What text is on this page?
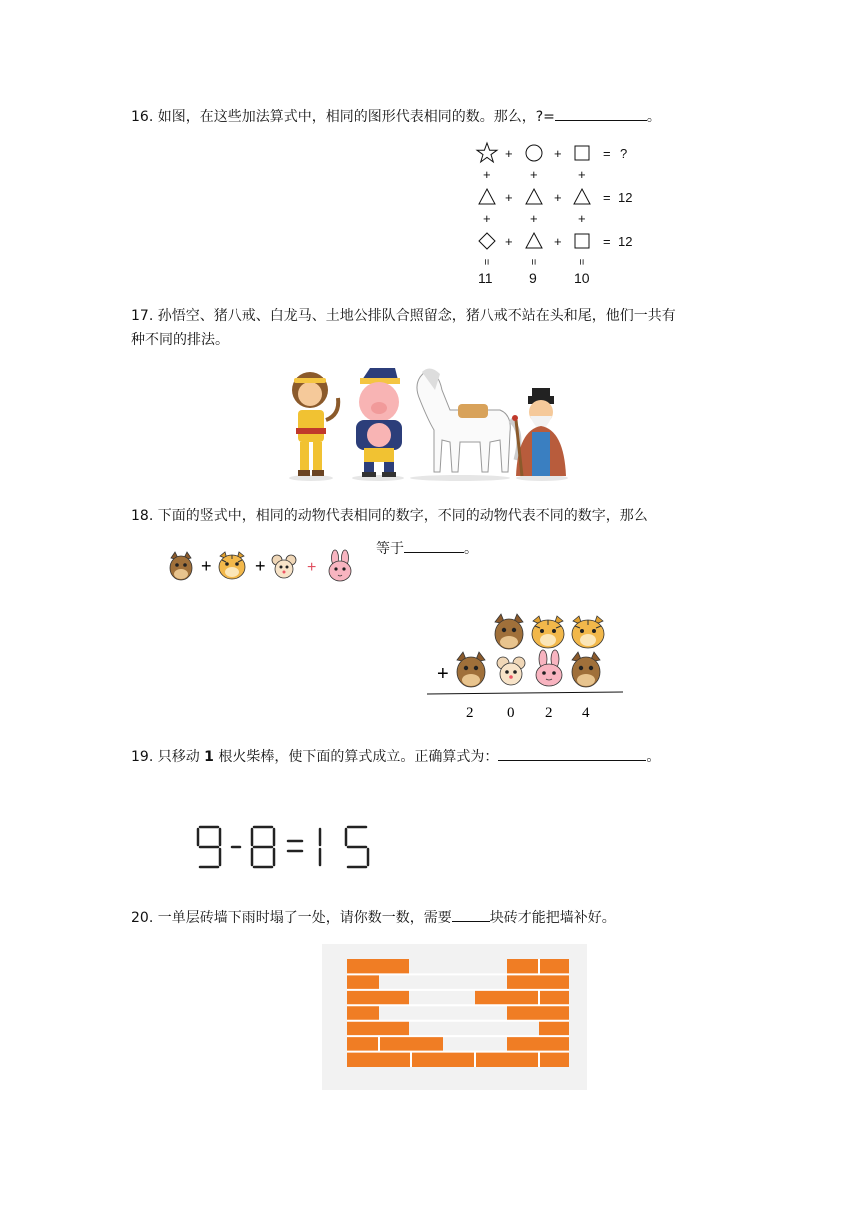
16. 如图，在这些加法算式中，相同的图形代表相同的数。那么，?=	。
+	+	= ?
+	+	+
+	+	= 12
+	+	+
+	+	= 12
=	=	=
11	9	10
17. 孙悟空、猪八戒、白龙马、土地公排队合照留念，猪八戒不站在头和尾，他们一共有
种不同的排法。
18. 下面的竖式中，相同的动物代表相同的数字，不同的动物代表不同的数字，那么
+ +	+
等于	。
+
2 0 2 4
19. 只移动 1 根火柴棒，使下面的算式成立。正确算式为：	。
20. 一单层砖墙下雨时塌了一处，请你数一数，需要	块砖才能把墙补好。
